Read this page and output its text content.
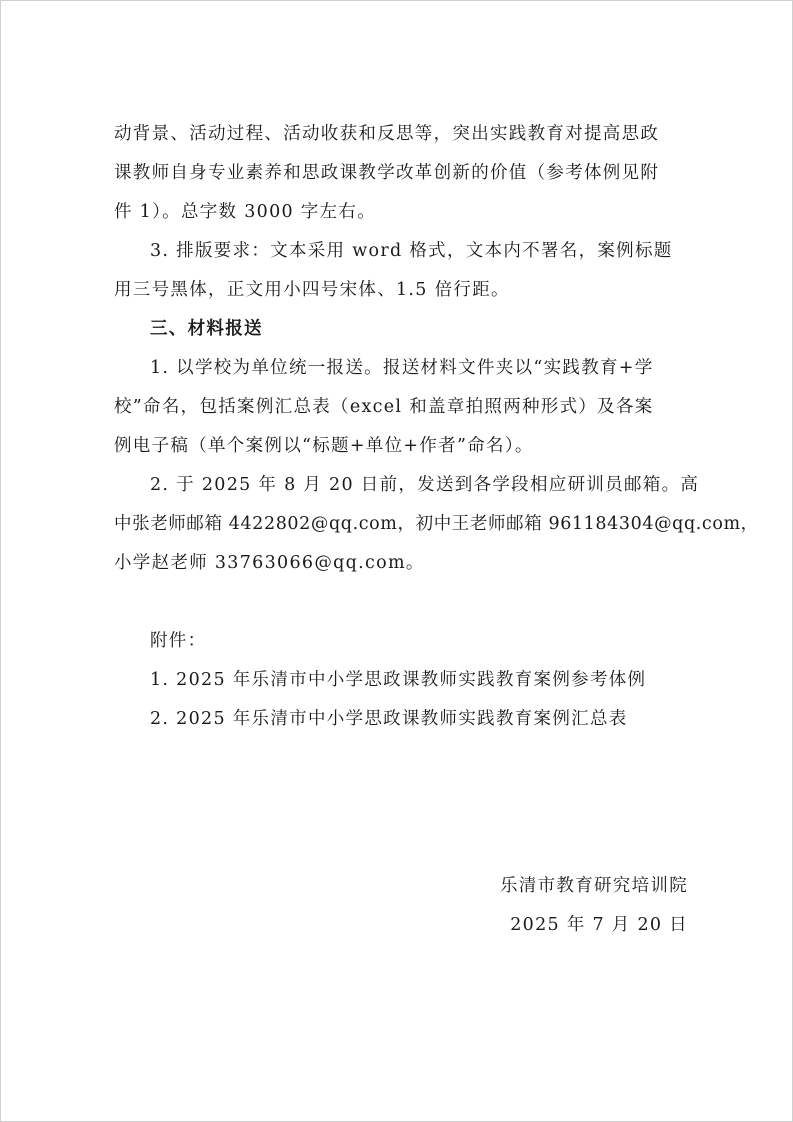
动背景、活动过程、活动收获和反思等，突出实践教育对提高思政
课教师自身专业素养和思政课教学改革创新的价值（参考体例见附
件 1）。总字数 3000 字左右。
3. 排版要求：文本采用 word 格式，文本内不署名，案例标题
用三号黑体，正文用小四号宋体、1.5 倍行距。
三、材料报送
1. 以学校为单位统一报送。报送材料文件夹以“实践教育+学
校”命名，包括案例汇总表（excel 和盖章拍照两种形式）及各案
例电子稿（单个案例以“标题+单位+作者”命名）。
2. 于 2025 年 8 月 20 日前，发送到各学段相应研训员邮箱。高
中张老师邮箱 4422802@qq.com，初中王老师邮箱 961184304@qq.com，
小学赵老师 33763066@qq.com。
附件：
1. 2025 年乐清市中小学思政课教师实践教育案例参考体例
2. 2025 年乐清市中小学思政课教师实践教育案例汇总表
乐清市教育研究培训院
2025 年 7 月 20 日
